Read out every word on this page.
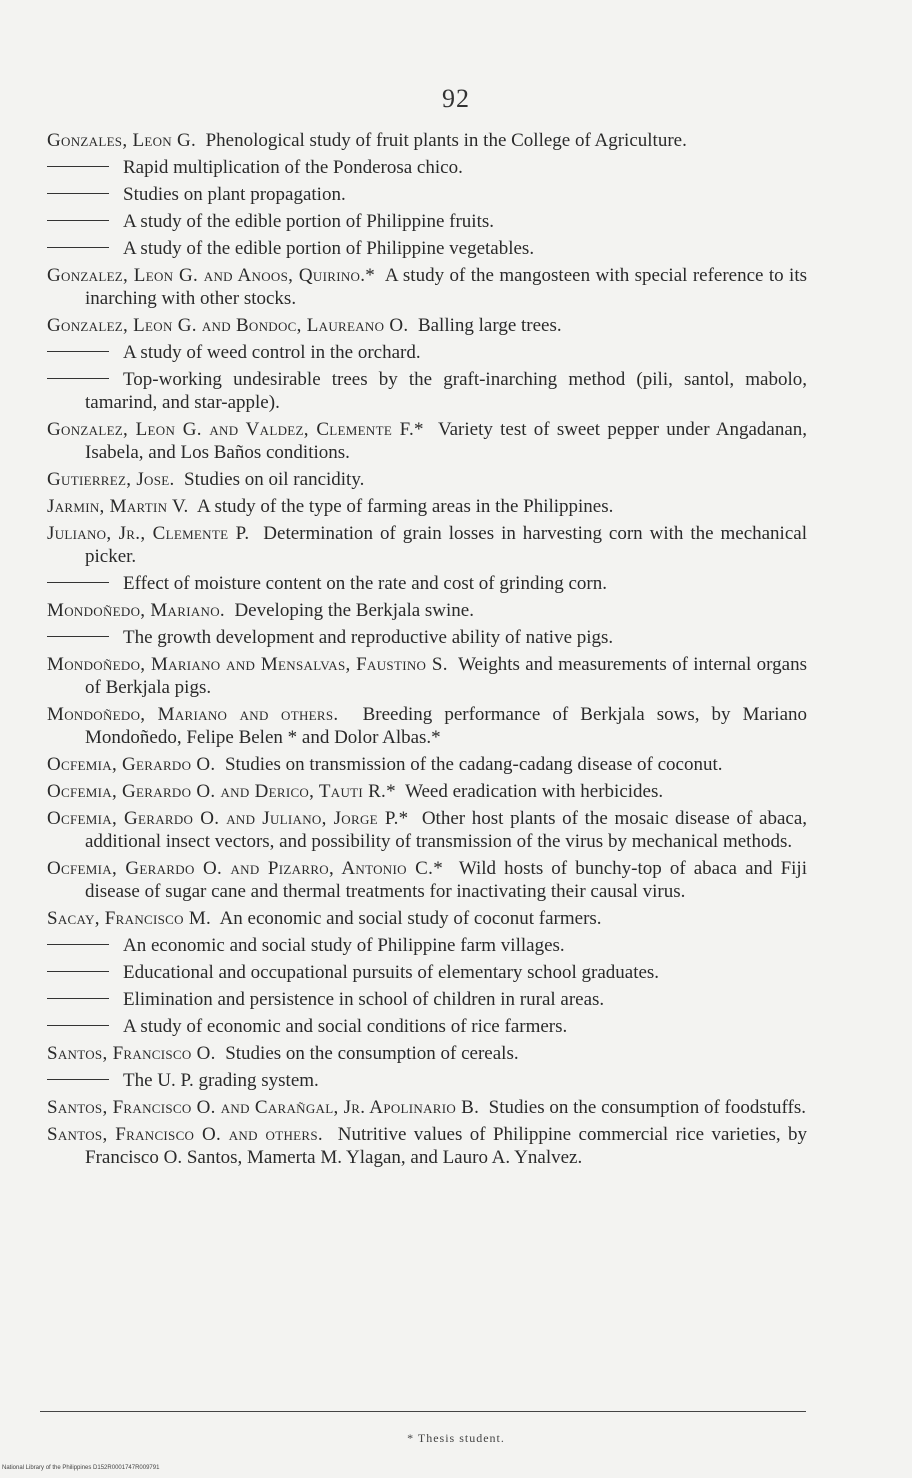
92
Gonzales, Leon G. Phenological study of fruit plants in the College of Agriculture.
Rapid multiplication of the Ponderosa chico.
Studies on plant propagation.
A study of the edible portion of Philippine fruits.
A study of the edible portion of Philippine vegetables.
Gonzalez, Leon G. and Anoos, Quirino.* A study of the mangosteen with special reference to its inarching with other stocks.
Gonzalez, Leon G. and Bondoc, Laureano O. Balling large trees.
A study of weed control in the orchard.
Top-working undesirable trees by the graft-inarching method (pili, santol, mabolo, tamarind, and star-apple).
Gonzalez, Leon G. and Valdez, Clemente F.* Variety test of sweet pepper under Angadanan, Isabela, and Los Baños conditions.
Gutierrez, Jose. Studies on oil rancidity.
Jarmin, Martin V. A study of the type of farming areas in the Philippines.
Juliano, Jr., Clemente P. Determination of grain losses in harvesting corn with the mechanical picker.
Effect of moisture content on the rate and cost of grinding corn.
Mondoñedo, Mariano. Developing the Berkjala swine.
The growth development and reproductive ability of native pigs.
Mondoñedo, Mariano and Mensalvas, Faustino S. Weights and measurements of internal organs of Berkjala pigs.
Mondoñedo, Mariano and others. Breeding performance of Berkjala sows, by Mariano Mondoñedo, Felipe Belen * and Dolor Albas.*
Ocfemia, Gerardo O. Studies on transmission of the cadang-cadang disease of coconut.
Ocfemia, Gerardo O. and Derico, Tauti R.* Weed eradication with herbicides.
Ocfemia, Gerardo O. and Juliano, Jorge P.* Other host plants of the mosaic disease of abaca, additional insect vectors, and possibility of transmission of the virus by mechanical methods.
Ocfemia, Gerardo O. and Pizarro, Antonio C.* Wild hosts of bunchy-top of abaca and Fiji disease of sugar cane and thermal treatments for inactivating their causal virus.
Sacay, Francisco M. An economic and social study of coconut farmers.
An economic and social study of Philippine farm villages.
Educational and occupational pursuits of elementary school graduates.
Elimination and persistence in school of children in rural areas.
A study of economic and social conditions of rice farmers.
Santos, Francisco O. Studies on the consumption of cereals.
The U. P. grading system.
Santos, Francisco O. and Carañgal, Jr. Apolinario B. Studies on the consumption of foodstuffs.
Santos, Francisco O. and others. Nutritive values of Philippine commercial rice varieties, by Francisco O. Santos, Mamerta M. Ylagan, and Lauro A. Ynalvez.
* Thesis student.
National Library of the Philippines D152R0001747R009791
